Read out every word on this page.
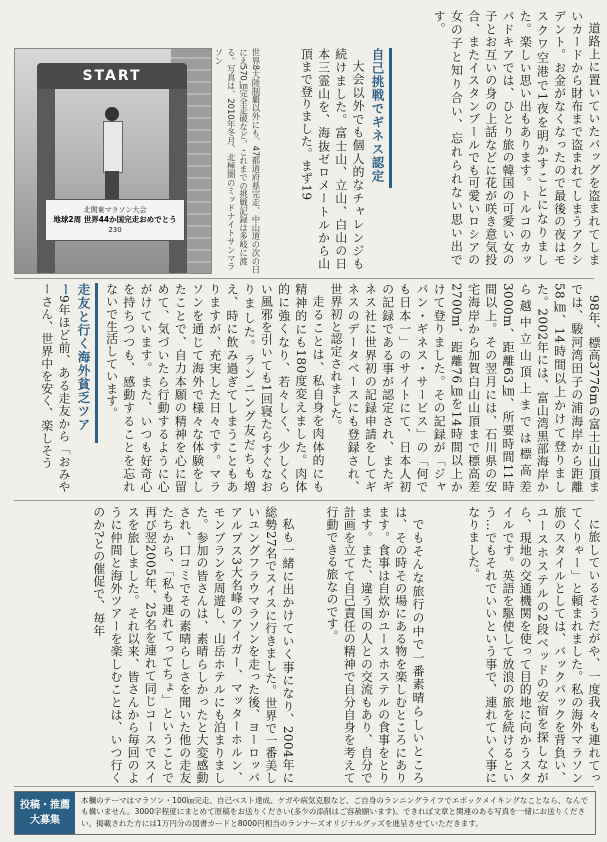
道路上に置いていたバッグを盗まれてしまいカードから財布まで盗まれてしまうアクシデント。お金がなくなったので最後の夜はモスクワ空港で1夜を明かすことになりました。楽しい思い出もあります。トルコのカッパドキアでは、ひとり旅の韓国の可愛い女の子とお互いの身の上話などに花が咲き意気投合、またイスタンブールでも可愛いロシアの女の子と知り合い、忘れられない思い出です。

自己挑戦でギネス認定

大会以外でも個人的なチャレンジも続けました。富士山、立山、白山の日本三霊山を、海抜ゼロメートルから山頂まで登りました。まず19

世界8大陸制覇以外にも、47都道府県完走、中山道の次の日にえ570㎞完全走破など、これまでの挑戦記録は多岐に渡る。写真は、2010年冬月、北極圏のミッドナイトサンマラソン
START
北関東マラソン大会
地球2周 世界44か国完走おめでとう
230

98年、標高3776mの富士山山頂までは、駿河湾田子の浦海岸から距離58㎞、14時間以上かけて登りました。2002年には、富山湾黒部海岸から越中立山頂上までは標高差3000m、距離63㎞、所要時間11時間以上。その翌月には、石川県の安宅海岸から加賀白山山頂まで標高差2700m、距離76㎞を14時間以上かけて登りました。その記録が「ジャパン・ギネス・サービス」の「何でも日本一」のサイトにて、日本人初の記録である事が認定され、またギネス社に世界初の記録申請をしてギネスのデータベースにも登録され、世界初と認定されました。

走ることは、私自身を肉体的にも精神的にも180度変えました。肉体的に強くなり、若々しく、少しくらい風邪を引いても1回寝たらすぐなおりました。ランニング友だちも増え、時に飲み過ぎてしまうこともありますが、充実した日々です。マラソンを通じて海外で様々な体験をしたことで、自力本願の精神を心に留めて、気づいたら行動するように心がけています。また、いつも好奇心を持ちつつも、感動することを忘れないで生活しています。

走友と行く海外貧乏ツアー

9年ほど前、ある走友から「おみやーさん、世界中を安く、楽しそう

に旅しているそうだがや、一度我々も連れてってくりゃー」と頼まれました。私の海外マラソン旅のスタイルとしては、バックパックを背負い、ユースホステルの2段ベッドの安宿を探しながら、現地の交通機関を使って目的地に向かうスタイルです。英語を駆使して放浪の旅を続けるという…でもそれでいいという事で、連れていく事になりました。

でもそんな旅行の中で一番素晴らしいところは、その時その場にある物を楽しむところにあります。食事は自炊かユースホステルの食事をとります。また、違う国の人との交流もあり、自分で計画を立てて自己責任の精神で自分自身を考えて行動できる旅なのです。

私も一緒に出かけていく事になり、2004年に総勢27名でスイスに行きました。世界で一番美しいユングフラウマラソンを走った後、ヨーロッパアルプス3大名峰のアイガー、マッターホルン、モンブランを周遊し、山岳ホテルにも泊まりました。参加の皆さんは、素晴らしかったと大変感動され、口コミでその素晴らしさを聞いた他の走友たちから、「私も連れてってちょ」ということで再び翌2005年、25名を連れて同じコースでスイスを旅しました。それ以来、皆さんから毎回のように仲間と海外ツアーを楽しむことは、いつ行くのか?との催促で、毎年

投稿・推薦
大募集
本欄のテーマはマラソン・100㎞完走、自己ベスト達成、ケガや病気克服など、ご自身のランニングライフでエポックメイキングなことなら、なんでも構いません。3000字程度にまとめて原稿をお送りください(多少の添削はご容赦願います)。できれば文章と関連のある写真を一緒にお送りください。掲載された方には1万円分の図書カードと8000円相当のランナーズオリジナルグッズを進呈させていただきます。
